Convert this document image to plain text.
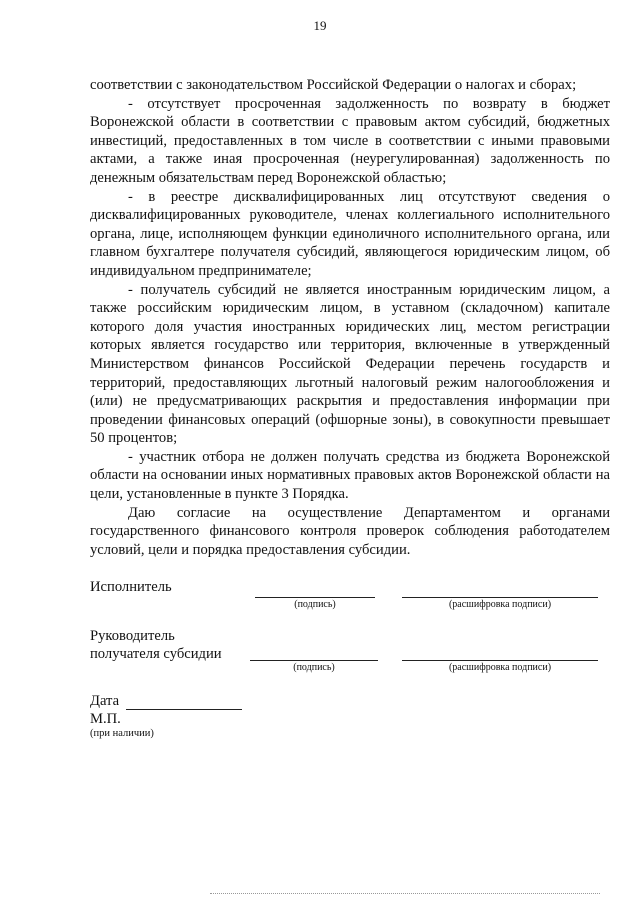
19

соответствии с законодательством Российской Федерации о налогах и сборах;

- отсутствует просроченная задолженность по возврату в бюджет Воронежской области в соответствии с правовым актом субсидий, бюджетных инвестиций, предоставленных в том числе в соответствии с иными правовыми актами, а также иная просроченная (неурегулированная) задолженность по денежным обязательствам перед Воронежской областью;

- в реестре дисквалифицированных лиц отсутствуют сведения о дисквалифицированных руководителе, членах коллегиального исполнительного органа, лице, исполняющем функции единоличного исполнительного органа, или главном бухгалтере получателя субсидий, являющегося юридическим лицом, об индивидуальном предпринимателе;

- получатель субсидий не является иностранным юридическим лицом, а также российским юридическим лицом, в уставном (складочном) капитале которого доля участия иностранных юридических лиц, местом регистрации которых является государство или территория, включенные в утвержденный Министерством финансов Российской Федерации перечень государств и территорий, предоставляющих льготный налоговый режим налогообложения и (или) не предусматривающих раскрытия и предоставления информации при проведении финансовых операций (офшорные зоны), в совокупности превышает 50 процентов;

- участник отбора не должен получать средства из бюджета Воронежской области на основании иных нормативных правовых актов Воронежской области на цели, установленные в пункте 3 Порядка.

Даю согласие на осуществление Департаментом и органами государственного финансового контроля проверок соблюдения работодателем условий, цели и порядка предоставления субсидии.

Исполнитель
(подпись)	(расшифровка подписи)
Руководитель
получателя субсидии
(подпись)	(расшифровка подписи)
Дата
М.П.
(при наличии)
